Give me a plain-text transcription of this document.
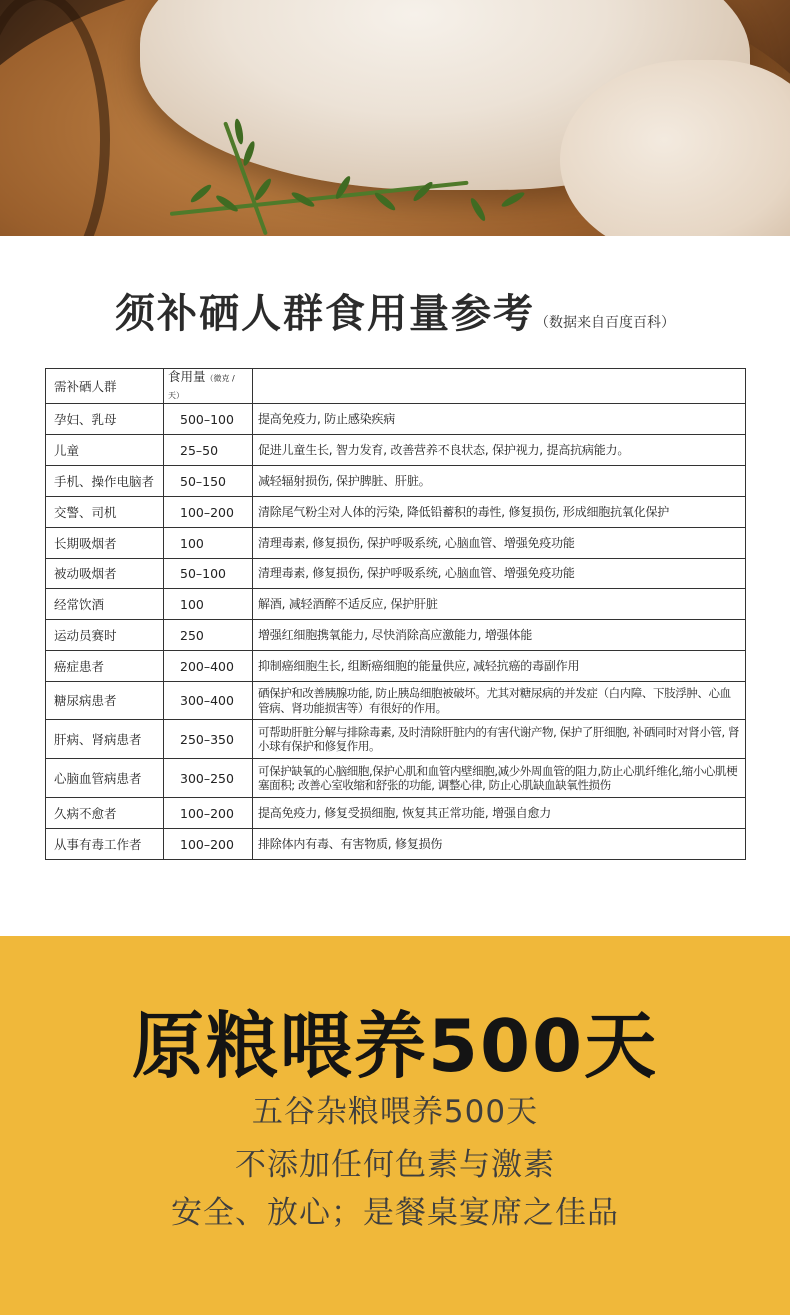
须补硒人群食用量参考（数据来自百度百科）
需补硒人群	食用量（微克 / 天）	
孕妇、乳母	500–100	提高免疫力, 防止感染疾病
儿童	25–50	促进儿童生长, 智力发育, 改善营养不良状态, 保护视力, 提高抗病能力。
手机、操作电脑者	50–150	减轻辐射损伤, 保护脾脏、肝脏。
交警、司机	100–200	清除尾气粉尘对人体的污染, 降低铅蓄积的毒性, 修复损伤, 形成细胞抗氧化保护
长期吸烟者	100	清理毒素, 修复损伤, 保护呼吸系统, 心脑血管、增强免疫功能
被动吸烟者	50–100	清理毒素, 修复损伤, 保护呼吸系统, 心脑血管、增强免疫功能
经常饮酒	100	解酒, 减轻酒醉不适反应, 保护肝脏
运动员赛时	250	增强红细胞携氧能力, 尽快消除高应激能力, 增强体能
癌症患者	200–400	抑制癌细胞生长, 组断癌细胞的能量供应, 减轻抗癌的毒副作用
糖尿病患者	300–400	硒保护和改善胰腺功能, 防止胰岛细胞被破坏。尤其对糖尿病的并发症（白内障、下肢浮肿、心血管病、肾功能损害等）有很好的作用。
肝病、肾病患者	250–350	可帮助肝脏分解与排除毒素, 及时清除肝脏内的有害代谢产物, 保护了肝细胞, 补硒同时对肾小管, 肾小球有保护和修复作用。
心脑血管病患者	300–250	可保护缺氧的心脑细胞,保护心肌和血管内壁细胞,减少外周血管的阻力,防止心肌纤维化,缩小心肌梗塞面积; 改善心室收缩和舒张的功能, 调整心律, 防止心肌缺血缺氧性损伤
久病不愈者	100–200	提高免疫力, 修复受损细胞, 恢复其正常功能, 增强自愈力
从事有毒工作者	100–200	排除体内有毒、有害物质, 修复损伤
原粮喂养500天
五谷杂粮喂养500天
不添加任何色素与激素
安全、放心；是餐桌宴席之佳品
